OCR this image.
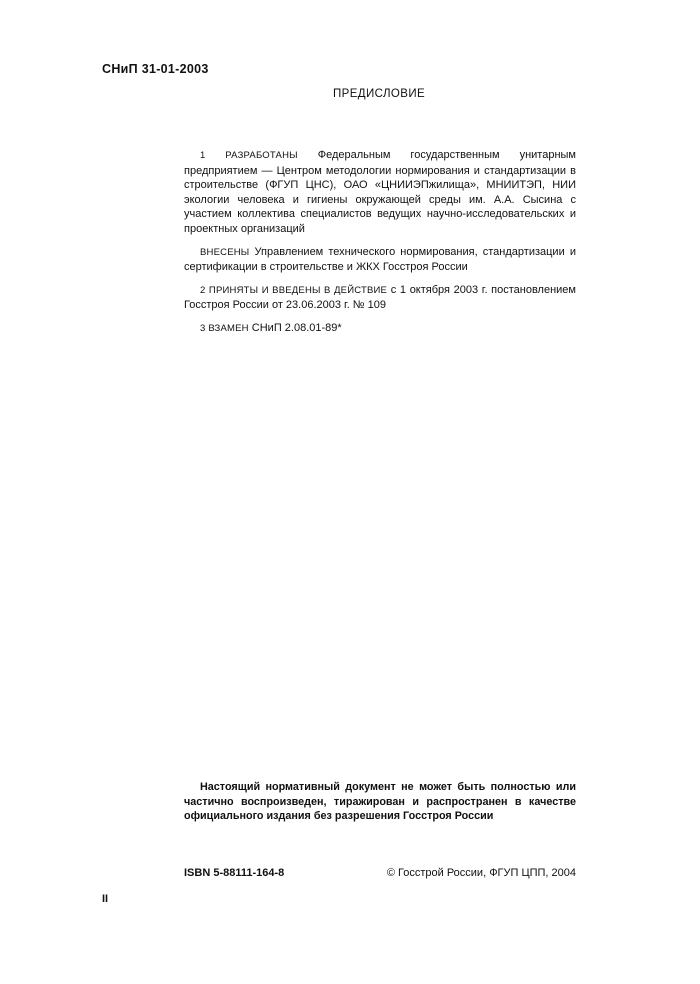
СНиП 31-01-2003
ПРЕДИСЛОВИЕ

1 РАЗРАБОТАНЫ Федеральным государственным унитарным предприятием — Центром методологии нормирования и стандартизации в строительстве (ФГУП ЦНС), ОАО «ЦНИИЭПжилища», МНИИТЭП, НИИ экологии человека и гигиены окружающей среды им. А.А. Сысина с участием коллектива специалистов ведущих научно-исследовательских и проектных организаций

ВНЕСЕНЫ Управлением технического нормирования, стандартизации и сертификации в строительстве и ЖКХ Госстроя России

2 ПРИНЯТЫ И ВВЕДЕНЫ В ДЕЙСТВИЕ с 1 октября 2003 г. постановлением Госстроя России от 23.06.2003 г. № 109

3 ВЗАМЕН СНиП 2.08.01-89*

Настоящий нормативный документ не может быть полностью или частично воспроизведен, тиражирован и распространен в качестве официального издания без разрешения Госстроя России
ISBN 5-88111-164-8	© Госстрой России, ФГУП ЦПП, 2004
II
